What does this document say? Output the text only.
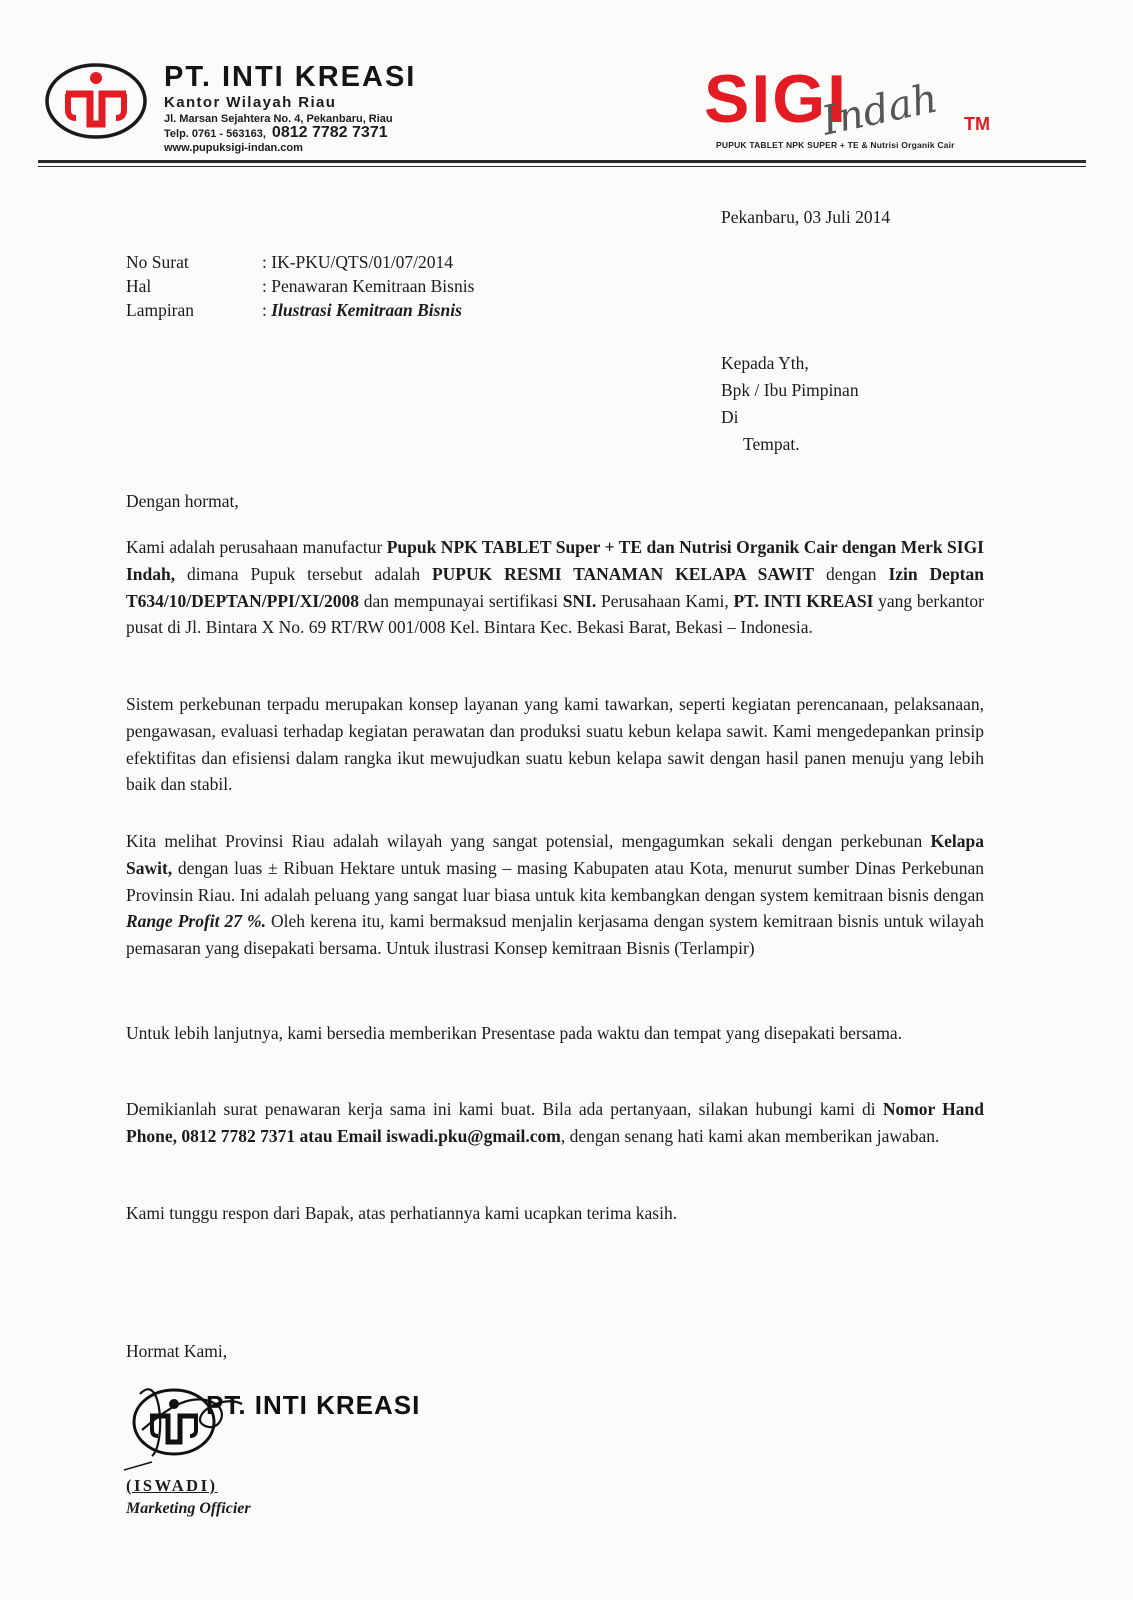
PT. INTI KREASI
Kantor Wilayah Riau
Jl. Marsan Sejahtera No. 4, Pekanbaru, Riau
Telp. 0761 - 563163, 0812 7782 7371
www.pupuksigi-indan.com
SIGI
Indah TM
PUPUK TABLET NPK SUPER + TE & Nutrisi Organik Cair
Pekanbaru, 03 Juli 2014
No Surat	: IK-PKU/QTS/01/07/2014
Hal	: Penawaran Kemitraan Bisnis
Lampiran	: Ilustrasi Kemitraan Bisnis
Kepada Yth,
Bpk / Ibu Pimpinan
Di
Tempat.
Dengan hormat,
Kami adalah perusahaan manufactur Pupuk NPK TABLET Super + TE dan Nutrisi Organik Cair dengan Merk SIGI Indah, dimana Pupuk tersebut adalah PUPUK RESMI TANAMAN KELAPA SAWIT dengan Izin Deptan T634/10/DEPTAN/PPI/XI/2008 dan mempunayai sertifikasi SNI. Perusahaan Kami, PT. INTI KREASI yang berkantor pusat di Jl. Bintara X No. 69 RT/RW 001/008 Kel. Bintara Kec. Bekasi Barat, Bekasi – Indonesia.
Sistem perkebunan terpadu merupakan konsep layanan yang kami tawarkan, seperti kegiatan perencanaan, pelaksanaan, pengawasan, evaluasi terhadap kegiatan perawatan dan produksi suatu kebun kelapa sawit. Kami mengedepankan prinsip efektifitas dan efisiensi dalam rangka ikut mewujudkan suatu kebun kelapa sawit dengan hasil panen menuju yang lebih baik dan stabil.
Kita melihat Provinsi Riau adalah wilayah yang sangat potensial, mengagumkan sekali dengan perkebunan Kelapa Sawit, dengan luas ± Ribuan Hektare untuk masing – masing Kabupaten atau Kota, menurut sumber Dinas Perkebunan Provinsin Riau. Ini adalah peluang yang sangat luar biasa untuk kita kembangkan dengan system kemitraan bisnis dengan Range Profit 27 %. Oleh kerena itu, kami bermaksud menjalin kerjasama dengan system kemitraan bisnis untuk wilayah pemasaran yang disepakati bersama. Untuk ilustrasi Konsep kemitraan Bisnis (Terlampir)
Untuk lebih lanjutnya, kami bersedia memberikan Presentase pada waktu dan tempat yang disepakati bersama.
Demikianlah surat penawaran kerja sama ini kami buat. Bila ada pertanyaan, silakan hubungi kami di Nomor Hand Phone, 0812 7782 7371 atau Email iswadi.pku@gmail.com, dengan senang hati kami akan memberikan jawaban.
Kami tunggu respon dari Bapak, atas perhatiannya kami ucapkan terima kasih.
Hormat Kami,
PT. INTI KREASI
(ISWADI)
Marketing Officier
